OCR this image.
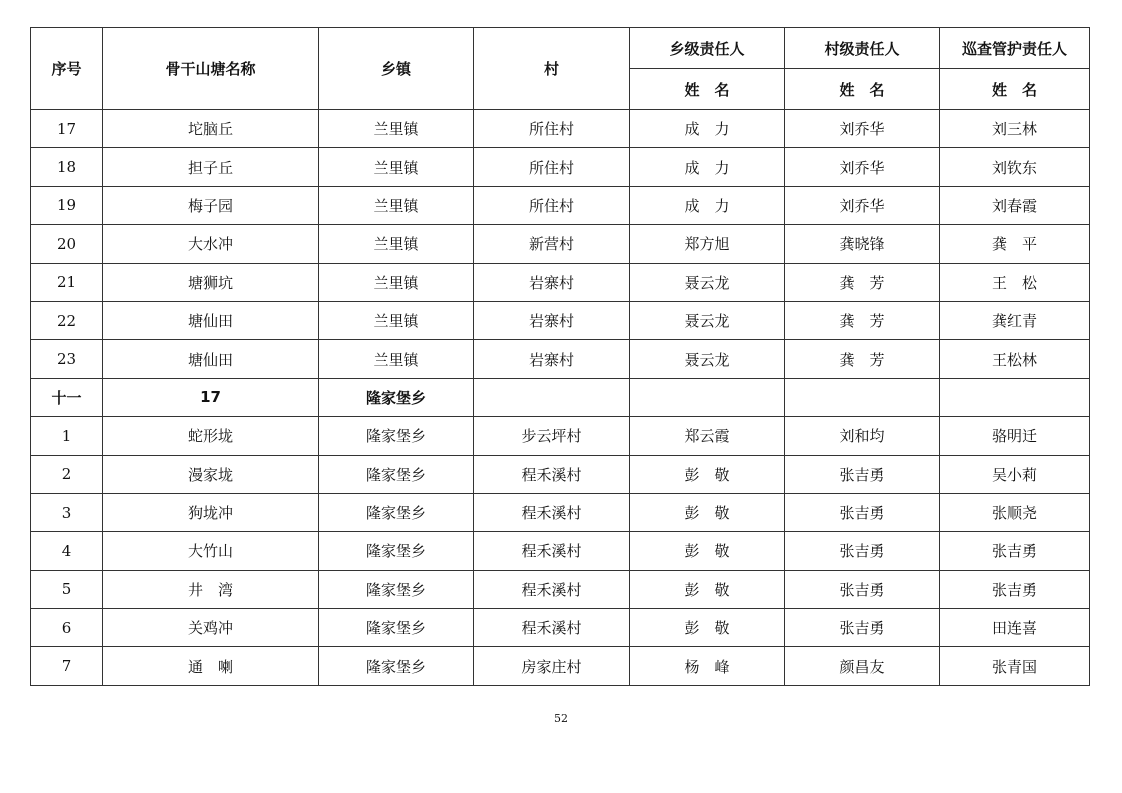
序号	骨干山塘名称	乡镇	村	乡级责任人	村级责任人	巡查管护责任人
				姓　名	姓　名	姓　名
17	坨脑丘	兰里镇	所住村	成　力	刘乔华	刘三林
18	担子丘	兰里镇	所住村	成　力	刘乔华	刘钦东
19	梅子园	兰里镇	所住村	成　力	刘乔华	刘春霞
20	大水冲	兰里镇	新营村	郑方旭	龚晓锋	龚　平
21	塘狮坑	兰里镇	岩寨村	聂云龙	龚　芳	王　松
22	塘仙田	兰里镇	岩寨村	聂云龙	龚　芳	龚红青
23	塘仙田	兰里镇	岩寨村	聂云龙	龚　芳	王松林
十一	17	隆家堡乡				
1	蛇形垅	隆家堡乡	步云坪村	郑云霞	刘和均	骆明迁
2	漫家垅	隆家堡乡	程禾溪村	彭　敬	张吉勇	吴小莉
3	狗垅冲	隆家堡乡	程禾溪村	彭　敬	张吉勇	张顺尧
4	大竹山	隆家堡乡	程禾溪村	彭　敬	张吉勇	张吉勇
5	井　湾	隆家堡乡	程禾溪村	彭　敬	张吉勇	张吉勇
6	关鸡冲	隆家堡乡	程禾溪村	彭　敬	张吉勇	田连喜
7	通　喇	隆家堡乡	房家庄村	杨　峰	颜昌友	张青国
52
